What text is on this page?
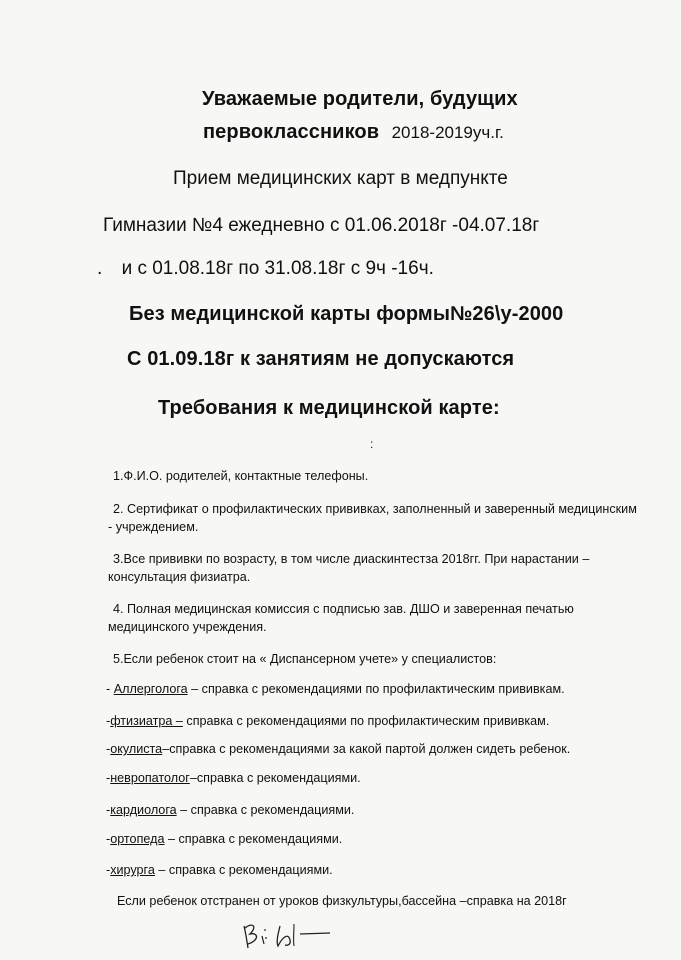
Уважаемые родители, будущих
первоклассников 2018-2019уч.г.
Прием медицинских карт в медпункте
Гимназии №4 ежедневно с 01.06.2018г -04.07.18г
. и с 01.08.18г по 31.08.18г с 9ч -16ч.
Без медицинской карты формы№26\у-2000
С 01.09.18г к занятиям не допускаются
Требования к медицинской карте:
:
1.Ф.И.О. родителей, контактные телефоны.
2. Сертификат о профилактических прививках, заполненный и заверенный медицинским
- учреждением.
3.Все прививки по возрасту, в том числе диаскинтестза 2018гг. При нарастании –
консультация физиатра.
4. Полная медицинская комиссия с подписью зав. ДШО и заверенная печатью
медицинского учреждения.
5.Если ребенок стоит на « Диспансерном учете» у специалистов:
- Аллерголога – справка с рекомендациями по профилактическим прививкам.
-фтизиатра – справка с рекомендациями по профилактическим прививкам.
-окулиста–справка с рекомендациями за какой партой должен сидеть ребенок.
-невропатолог–справка с рекомендациями.
-кардиолога – справка с рекомендациями.
-ортопеда – справка с рекомендациями.
-хирурга – справка с рекомендациями.
Если ребенок отстранен от уроков физкультуры,бассейна –справка на 2018г
